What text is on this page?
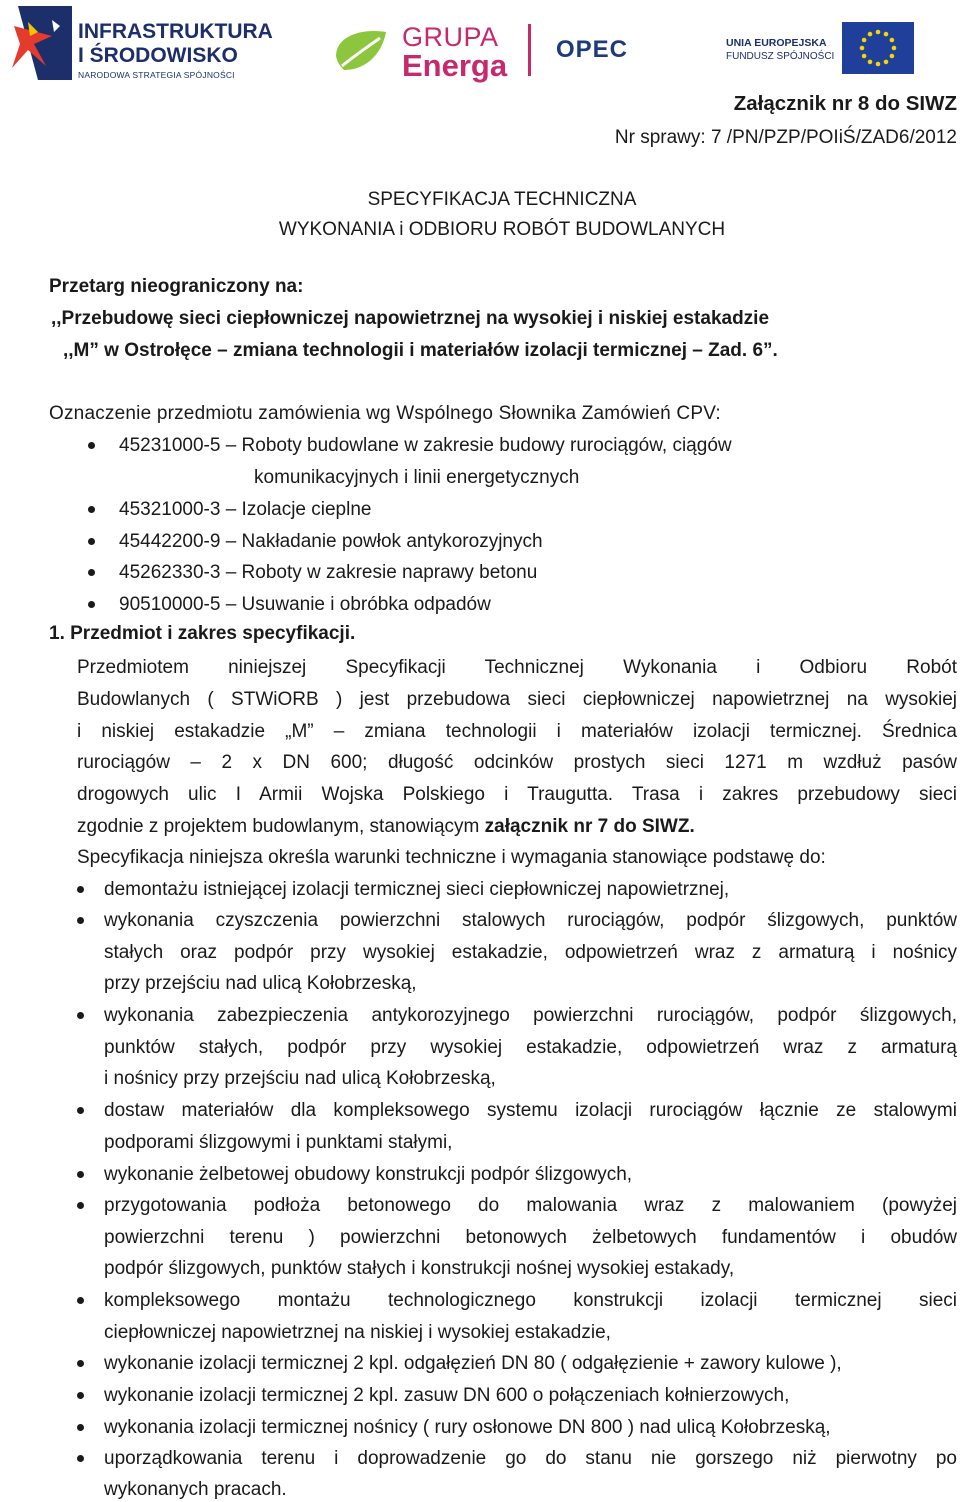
INFRASTRUKTURA
I ŚRODOWISKO
NARODOWA STRATEGIA SPÓJNOŚCI
GRUPA
Energa OPEC	UNIA EUROPEJSKA
FUNDUSZ SPÓJNOŚCI
Załącznik nr 8 do SIWZ
Nr sprawy: 7 /PN/PZP/POIiŚ/ZAD6/2012
SPECYFIKACJA TECHNICZNA
WYKONANIA i ODBIORU ROBÓT BUDOWLANYCH
Przetarg nieograniczony na:
,,Przebudowę sieci ciepłowniczej napowietrznej na wysokiej i niskiej estakadzie
,,M” w Ostrołęce – zmiana technologii i materiałów izolacji termicznej – Zad. 6”.
Oznaczenie przedmiotu zamówienia wg Wspólnego Słownika Zamówień CPV:
45231000-5 – Roboty budowlane w zakresie budowy rurociągów, ciągów
komunikacyjnych i linii energetycznych
45321000-3 – Izolacje cieplne
45442200-9 – Nakładanie powłok antykorozyjnych
45262330-3 – Roboty w zakresie naprawy betonu
90510000-5 – Usuwanie i obróbka odpadów
1. Przedmiot i zakres specyfikacji.
Przedmiotem niniejszej Specyfikacji Technicznej Wykonania i Odbioru Robót
Budowlanych ( STWiORB ) jest przebudowa sieci ciepłowniczej napowietrznej na wysokiej
i niskiej estakadzie „M” – zmiana technologii i materiałów izolacji termicznej. Średnica
rurociągów – 2 x DN 600; długość odcinków prostych sieci 1271 m wzdłuż pasów
drogowych ulic I Armii Wojska Polskiego i Traugutta. Trasa i zakres przebudowy sieci
zgodnie z projektem budowlanym, stanowiącym załącznik nr 7 do SIWZ.
Specyfikacja niniejsza określa warunki techniczne i wymagania stanowiące podstawę do:
demontażu istniejącej izolacji termicznej sieci ciepłowniczej napowietrznej,
wykonania czyszczenia powierzchni stalowych rurociągów, podpór ślizgowych, punktów
stałych oraz podpór przy wysokiej estakadzie, odpowietrzeń wraz z armaturą i nośnicy
przy przejściu nad ulicą Kołobrzeską,
wykonania zabezpieczenia antykorozyjnego powierzchni rurociągów, podpór ślizgowych,
punktów stałych, podpór przy wysokiej estakadzie, odpowietrzeń wraz z armaturą
i nośnicy przy przejściu nad ulicą Kołobrzeską,
dostaw materiałów dla kompleksowego systemu izolacji rurociągów łącznie ze stalowymi
podporami ślizgowymi i punktami stałymi,
wykonanie żelbetowej obudowy konstrukcji podpór ślizgowych,
przygotowania podłoża betonowego do malowania wraz z malowaniem (powyżej
powierzchni terenu ) powierzchni betonowych żelbetowych fundamentów i obudów
podpór ślizgowych, punktów stałych i konstrukcji nośnej wysokiej estakady,
kompleksowego montażu technologicznego konstrukcji izolacji termicznej sieci
ciepłowniczej napowietrznej na niskiej i wysokiej estakadzie,
wykonanie izolacji termicznej 2 kpl. odgałęzień DN 80 ( odgałęzienie + zawory kulowe ),
wykonanie izolacji termicznej 2 kpl. zasuw DN 600 o połączeniach kołnierzowych,
wykonania izolacji termicznej nośnicy ( rury osłonowe DN 800 ) nad ulicą Kołobrzeską,
uporządkowania terenu i doprowadzenie go do stanu nie gorszego niż pierwotny po
wykonanych pracach.
